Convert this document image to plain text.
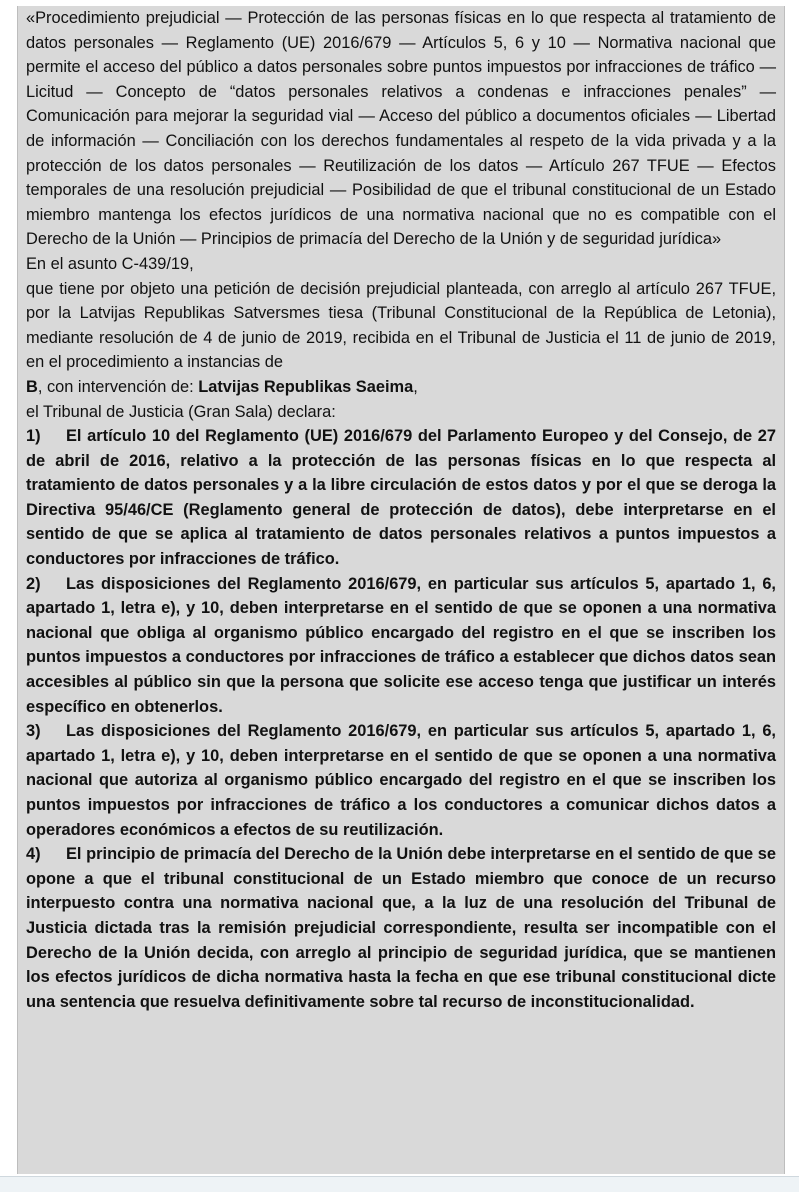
«Procedimiento prejudicial — Protección de las personas físicas en lo que respecta al tratamiento de datos personales — Reglamento (UE) 2016/679 — Artículos 5, 6 y 10 — Normativa nacional que permite el acceso del público a datos personales sobre puntos impuestos por infracciones de tráfico — Licitud — Concepto de “datos personales relativos a condenas e infracciones penales” — Comunicación para mejorar la seguridad vial — Acceso del público a documentos oficiales — Libertad de información — Conciliación con los derechos fundamentales al respeto de la vida privada y a la protección de los datos personales — Reutilización de los datos — Artículo 267 TFUE — Efectos temporales de una resolución prejudicial — Posibilidad de que el tribunal constitucional de un Estado miembro mantenga los efectos jurídicos de una normativa nacional que no es compatible con el Derecho de la Unión — Principios de primacía del Derecho de la Unión y de seguridad jurídica»

En el asunto C-439/19,

que tiene por objeto una petición de decisión prejudicial planteada, con arreglo al artículo 267 TFUE, por la Latvijas Republikas Satversmes tiesa (Tribunal Constitucional de la República de Letonia), mediante resolución de 4 de junio de 2019, recibida en el Tribunal de Justicia el 11 de junio de 2019, en el procedimiento a instancias de

B, con intervención de: Latvijas Republikas Saeima,

el Tribunal de Justicia (Gran Sala) declara:

1) El artículo 10 del Reglamento (UE) 2016/679 del Parlamento Europeo y del Consejo, de 27 de abril de 2016, relativo a la protección de las personas físicas en lo que respecta al tratamiento de datos personales y a la libre circulación de estos datos y por el que se deroga la Directiva 95/46/CE (Reglamento general de protección de datos), debe interpretarse en el sentido de que se aplica al tratamiento de datos personales relativos a puntos impuestos a conductores por infracciones de tráfico.

2) Las disposiciones del Reglamento 2016/679, en particular sus artículos 5, apartado 1, 6, apartado 1, letra e), y 10, deben interpretarse en el sentido de que se oponen a una normativa nacional que obliga al organismo público encargado del registro en el que se inscriben los puntos impuestos a conductores por infracciones de tráfico a establecer que dichos datos sean accesibles al público sin que la persona que solicite ese acceso tenga que justificar un interés específico en obtenerlos.

3) Las disposiciones del Reglamento 2016/679, en particular sus artículos 5, apartado 1, 6, apartado 1, letra e), y 10, deben interpretarse en el sentido de que se oponen a una normativa nacional que autoriza al organismo público encargado del registro en el que se inscriben los puntos impuestos por infracciones de tráfico a los conductores a comunicar dichos datos a operadores económicos a efectos de su reutilización.

4) El principio de primacía del Derecho de la Unión debe interpretarse en el sentido de que se opone a que el tribunal constitucional de un Estado miembro que conoce de un recurso interpuesto contra una normativa nacional que, a la luz de una resolución del Tribunal de Justicia dictada tras la remisión prejudicial correspondiente, resulta ser incompatible con el Derecho de la Unión decida, con arreglo al principio de seguridad jurídica, que se mantienen los efectos jurídicos de dicha normativa hasta la fecha en que ese tribunal constitucional dicte una sentencia que resuelva definitivamente sobre tal recurso de inconstitucionalidad.
